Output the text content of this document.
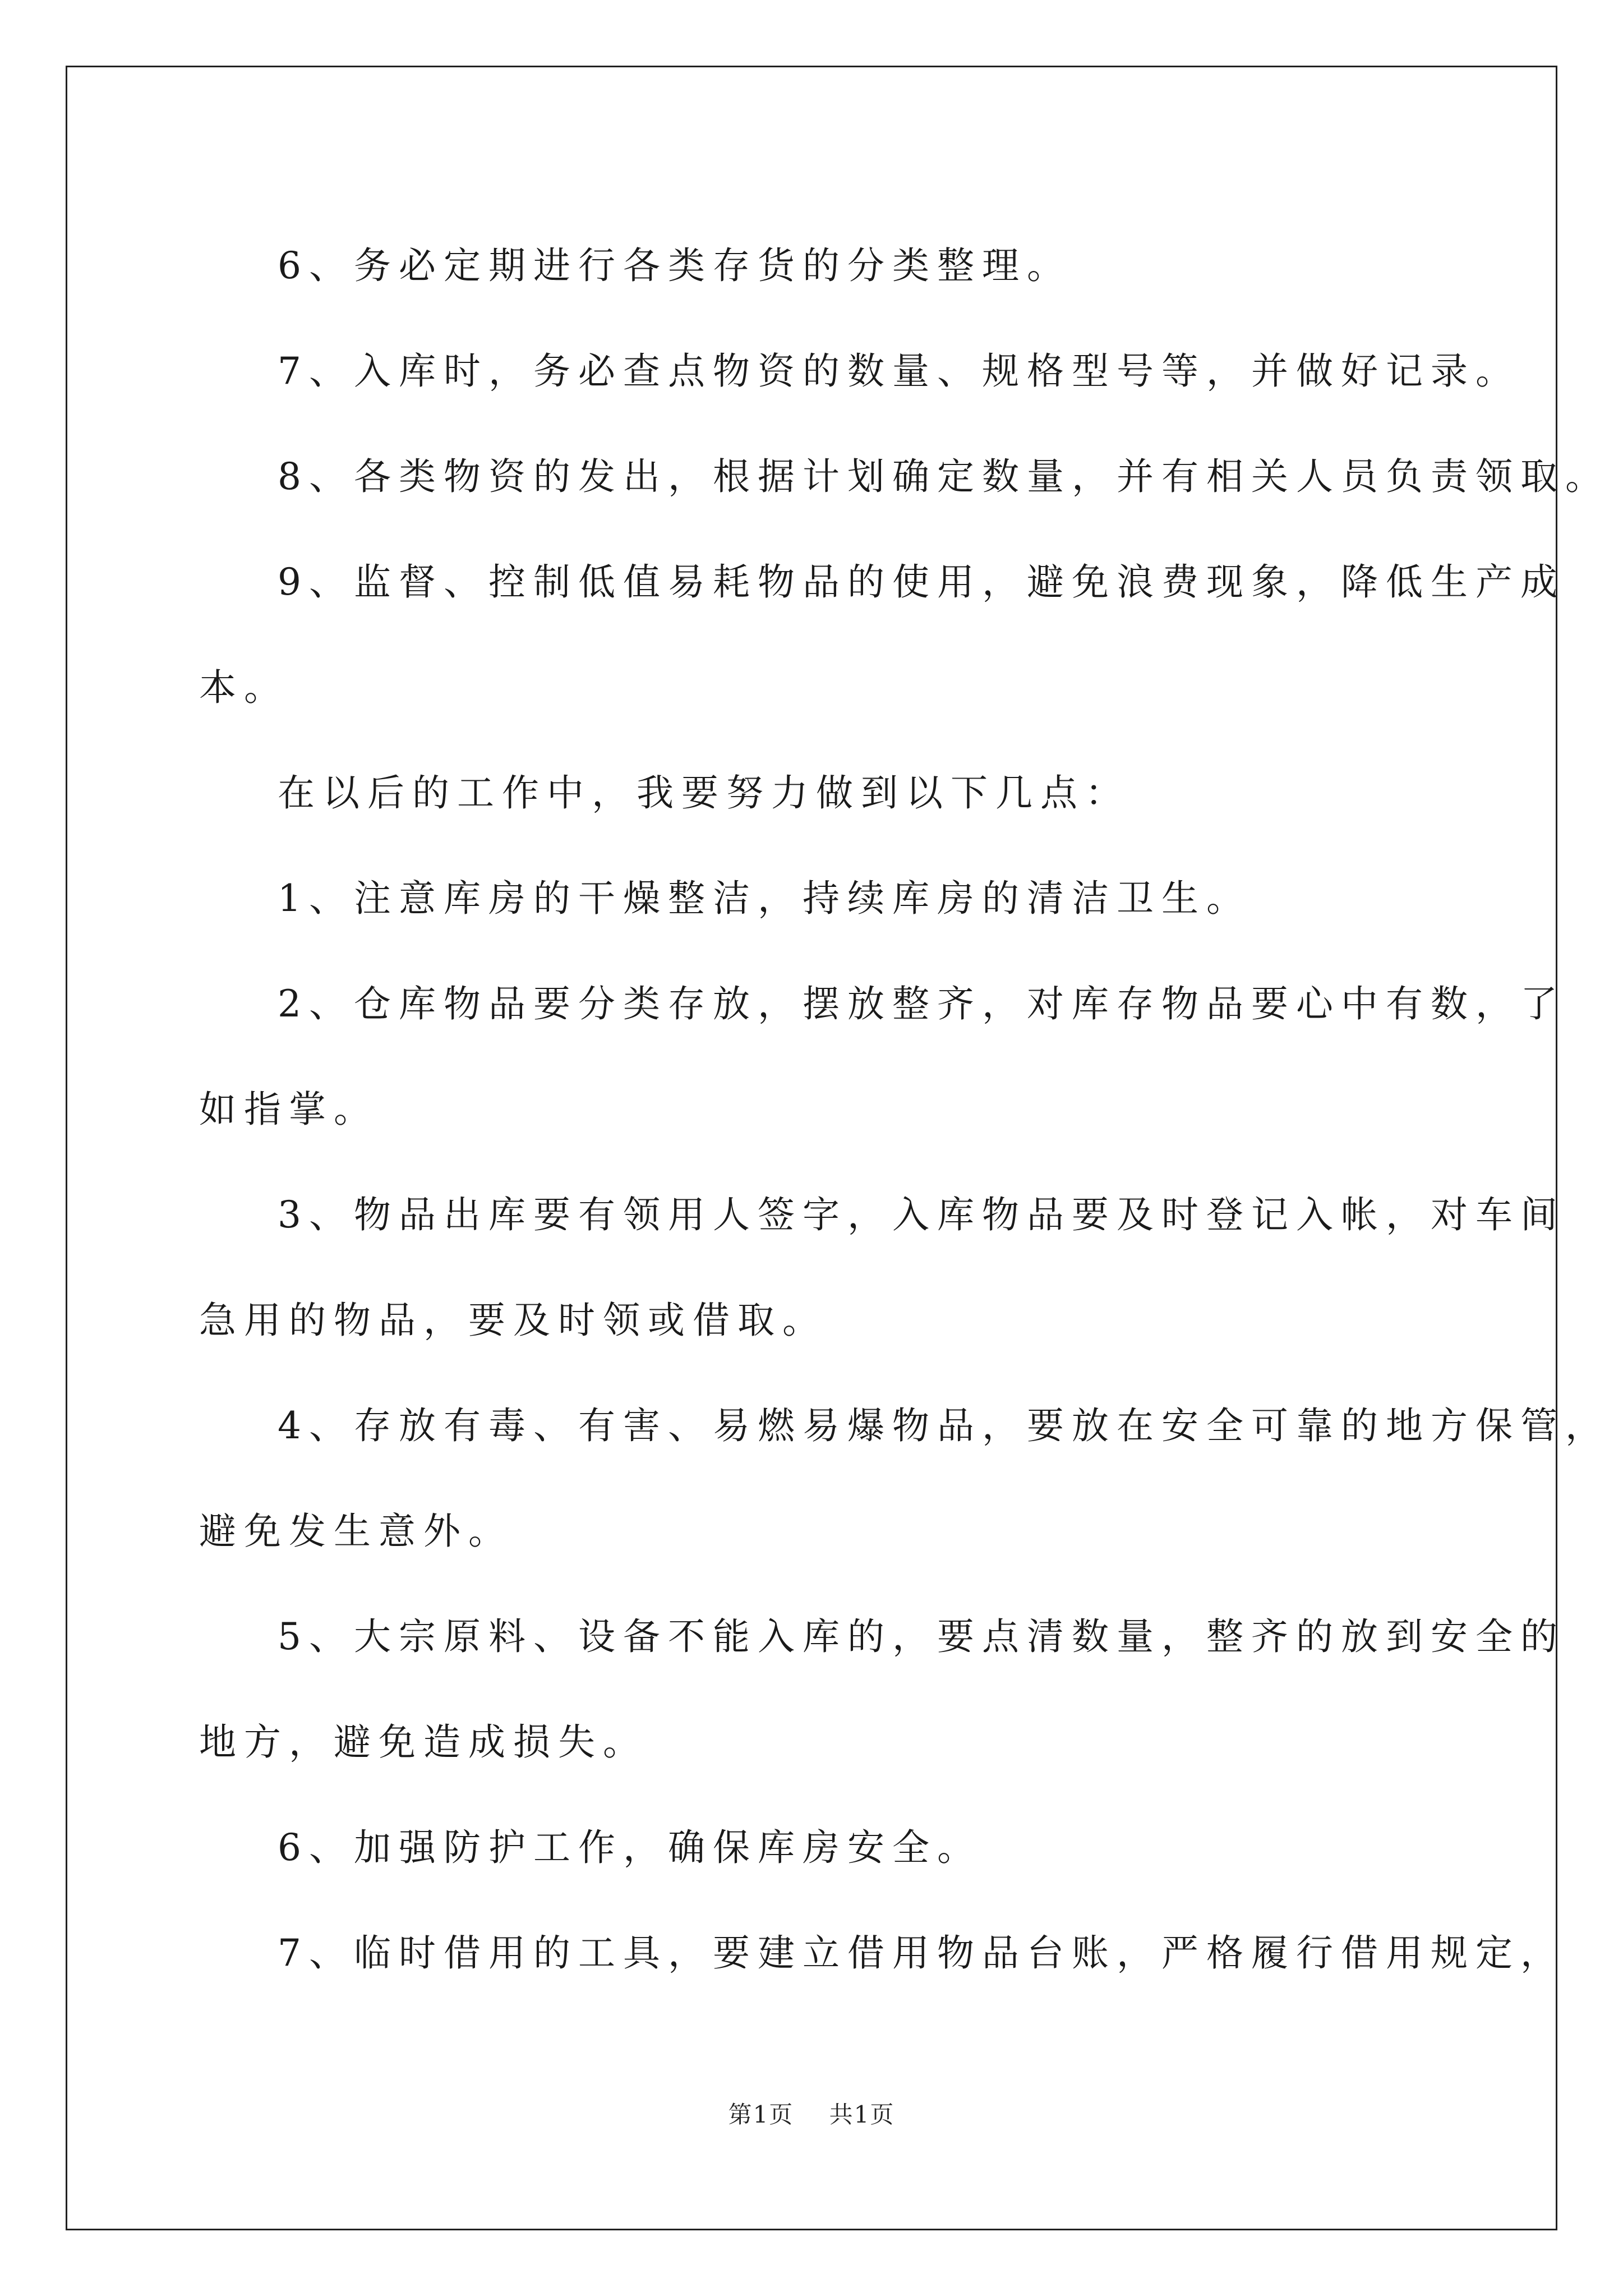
6、务必定期进行各类存货的分类整理。

7、入库时，务必查点物资的数量、规格型号等，并做好记录。

8、各类物资的发出，根据计划确定数量，并有相关人员负责领取。

9、监督、控制低值易耗物品的使用，避免浪费现象，降低生产成

本。

在以后的工作中，我要努力做到以下几点：

1、注意库房的干燥整洁，持续库房的清洁卫生。

2、仓库物品要分类存放，摆放整齐，对库存物品要心中有数，了

如指掌。

3、物品出库要有领用人签字，入库物品要及时登记入帐，对车间

急用的物品，要及时领或借取。

4、存放有毒、有害、易燃易爆物品，要放在安全可靠的地方保管，

避免发生意外。

5、大宗原料、设备不能入库的，要点清数量，整齐的放到安全的

地方，避免造成损失。

6、加强防护工作，确保库房安全。

7、临时借用的工具，要建立借用物品台账，严格履行借用规定，

第1页 共1页
